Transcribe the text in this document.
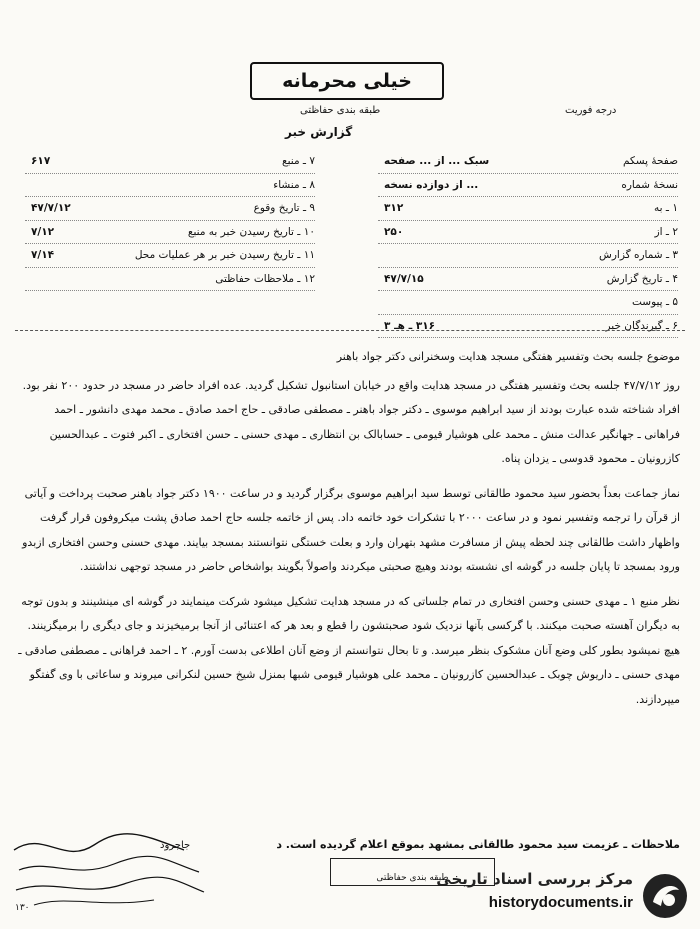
خیلی محرمانه
طبقه بندی حفاظتی	درجه فوریت
گزارش خبر
صفحهٔ پسکم
سبک ... از ... صفحه
نسخهٔ شماره
... از دوازده نسخه
۱ ـ به
۳۱۲
۲ ـ از
۲۵۰
۳ ـ شماره گزارش
۴ ـ تاریخ گزارش
۴۷/۷/۱۵
۵ ـ پیوست
۶ ـ گیرندگان خبر
۳۱۶ ـ هـ ۳
۷ ـ منبع
۶۱۷
۸ ـ منشاء
۹ ـ تاریخ وقوع
۴۷/۷/۱۲
۱۰ ـ تاریخ رسیدن خبر به منبع
۷/۱۲
۱۱ ـ تاریخ رسیدن خبر بر هر عملیات محل
۷/۱۴
۱۲ ـ ملاحظات حفاظتی

موضوع جلسه بحث وتفسیر هفتگی مسجد هدایت وسخنرانی دکتر جواد باهنر

روز ۴۷/۷/۱۲ جلسه بحث وتفسیر هفتگی در مسجد هدایت واقع در خیابان استانبول تشکیل گردید. عده افراد حاضر در مسجد در حدود ۲۰۰ نفر بود. افراد شناخته شده عبارت بودند از سید ابراهیم موسوی ـ دکتر جواد باهنر ـ مصطفی صادقی ـ حاج احمد صادق ـ محمد مهدی دانشور ـ احمد فراهانی ـ جهانگیر عدالت منش ـ محمد علی هوشیار قیومی ـ حسابالک بن انتظاری ـ مهدی حسنی ـ حسن افتخاری ـ اکبر فتوت ـ عبدالحسین کازرونیان ـ محمود قدوسی ـ یزدان پناه.

نماز جماعت بعداً بحضور سید محمود طالقانی توسط سید ابراهیم موسوی برگزار گردید و در ساعت ۱۹۰۰ دکتر جواد باهنر صحبت پرداخت و آیاتی از قرآن را ترجمه وتفسیر نمود و در ساعت ۲۰۰۰ با تشکرات خود خاتمه داد. پس از خاتمه جلسه حاج احمد صادق پشت میکروفون قرار گرفت واظهار داشت طالقانی چند لحظه پیش از مسافرت مشهد بتهران وارد و بعلت خستگی نتوانستند بمسجد بیایند. مهدی حسنی وحسن افتخاری ازبدو ورود بمسجد تا پایان جلسه در گوشه ای نشسته بودند وهیچ صحبتی میکردند واصولاً بگویند بواشخاص حاضر در مسجد توجهی نداشتند.

نظر منبع ۱ ـ مهدی حسنی وحسن افتخاری در تمام جلساتی که در مسجد هدایت تشکیل میشود شرکت مینمایند در گوشه ای مینشینند و بدون توجه به دیگران آهسته صحبت میکنند. با گرکسی بآنها نزدیک شود صحبتشون را قطع و بعد هر که اعتنائی از آنجا برمیخیزند و جای دیگری را برمیگزینند. هیچ نمیشود بطور کلی وضع آنان مشکوک بنظر میرسد. و تا بحال نتوانستم از وضع آنان اطلاعی بدست آورم. ۲ ـ احمد فراهانی ـ مصطفی صادقی ـ مهدی حسنی ـ داریوش چوبک ـ عبدالحسین کازرونیان ـ محمد علی هوشیار قیومی شبها بمنزل شیخ حسین لنکرانی میروند و ساعاتی با وی گفتگو میپردازند.

ملاحظات ـ عزیمت سید محمود طالقانی بمشهد بموقع اعلام گردیده است. د
جاجرود
طبقه بندی حفاظتی
مرکز بررسی اسناد تاریخی
historydocuments.ir
۱۳۰
